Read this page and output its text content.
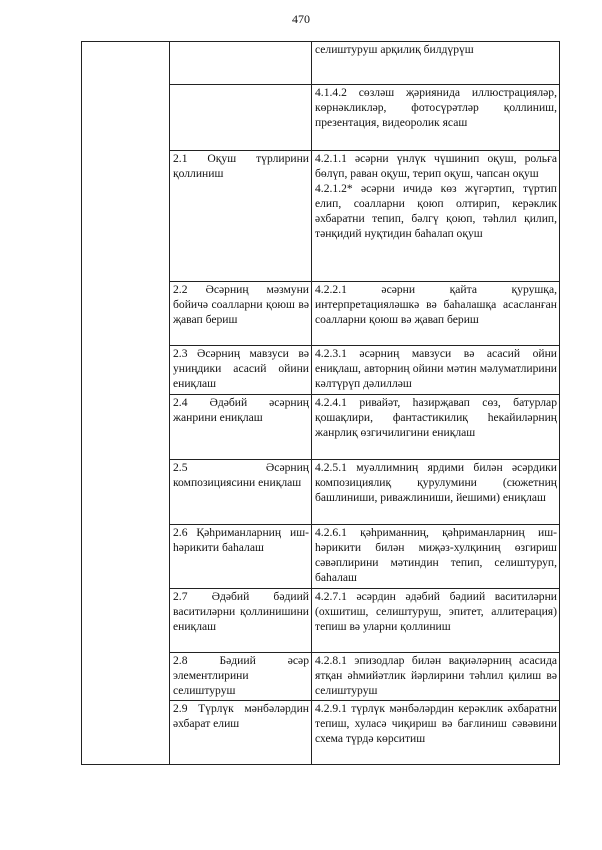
470
		селиштуруш арқилиқ билдүрүш
		4.1.4.2 сөзләш җәриянида иллюстрацияләр, көрнәкликләр, фотосүрәтләр қоллиниш, презентация, видеоролик ясаш
	2.1 Оқуш түрлирини қоллиниш	4.2.1.1 әсәрни үнлүк чүшинип оқуш, рольға бөлүп, раван оқуш, терип оқуш, чапсан оқуш
4.2.1.2* әсәрни ичидә көз жүгәртип, түртип елип, соалларни қоюп олтирип, керәклик әхбаратни тепип, бәлгү қоюп, тәһлил қилип, тәнқидий нуқтидин баһалап оқуш
	2.2 Әсәрниң мәзмуни бойичә соалларни қоюш вә җавап бериш	4.2.2.1 әсәрни қайта қурушқа, интерпретацияләшкә вә баһалашқа асасланған соалларни қоюш вә җавап бериш
	2.3 Әсәрниң мавзуси вә униңдики асасий ойини ениқлаш	4.2.3.1 әсәрниң мавзуси вә асасий ойни ениқлаш, авторниң ойини мәтин мәлуматлирини кәлтүрүп дәлилләш
	2.4 Әдәбий әсәрниң жанрини ениқлаш	4.2.4.1 ривайәт, һазирҗавап сөз, батурлар қошақлири, фантастикилиқ һекайиләрниң жанрлиқ өзгичилигини ениқлаш
	2.5 Әсәрниң композициясини ениқлаш	4.2.5.1 муәллимниң ярдими билән әсәрдики композициялиқ қурулумини (сюжетниң башлиниши, риважлиниши, йешими) ениқлаш
	2.6 Қәһриманларниң иш-һәрикити баһалаш	4.2.6.1 қәһриманниң, қәһриманларниң иш-һәрикити билән миҗәз-хулқиниң өзгириш сәвәплирини мәтиндин тепип, селиштуруп, баһалаш
	2.7 Әдәбий бәдиий васитиләрни қоллинишини ениқлаш	4.2.7.1 әсәрдин әдәбий бәдиий васитиләрни (охшитиш, селиштуруш, эпитет, аллитерация) тепиш вә уларни қоллиниш
	2.8 Бәдиий әсәр элементлирини селиштуруш	4.2.8.1 эпизодлар билән вақиәләрниң асасида ятқан әһмийәтлик йәрлирини тәһлил қилиш вә селиштуруш
	2.9 Түрлүк мәнбәләрдин әхбарат елиш	4.2.9.1 түрлүк мәнбәләрдин керәклик әхбаратни тепиш, хуласә чиқириш вә бағлиниш сәвәвини схема түрдә көрситиш
